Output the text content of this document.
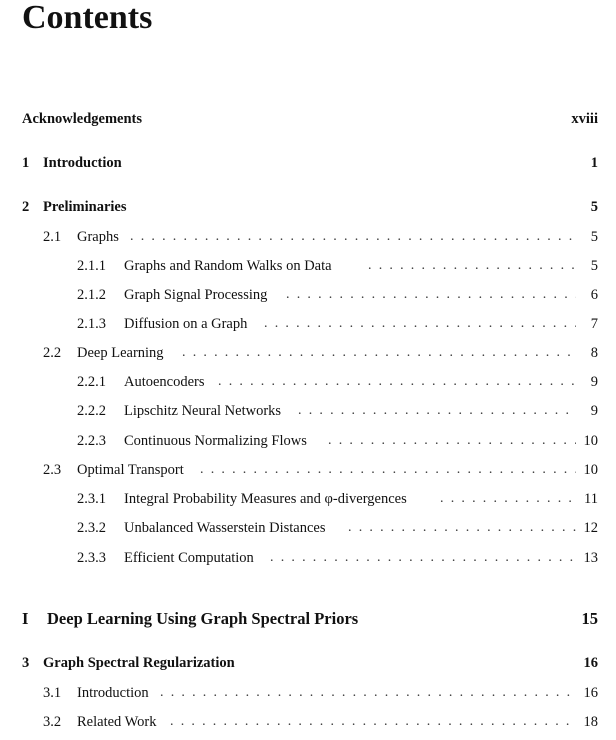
Contents
Acknowledgements	xviii
1 Introduction	1
2 Preliminaries	5
2.1 Graphs . . .	5
2.1.1 Graphs and Random Walks on Data . . .	5
2.1.2 Graph Signal Processing . . .	6
2.1.3 Diffusion on a Graph . . .	7
2.2 Deep Learning . . .	8
2.2.1 Autoencoders . . .	9
2.2.2 Lipschitz Neural Networks . . .	9
2.2.3 Continuous Normalizing Flows . . .	10
2.3 Optimal Transport . . .	10
2.3.1 Integral Probability Measures and φ-divergences . . .	11
2.3.2 Unbalanced Wasserstein Distances . . .	12
2.3.3 Efficient Computation . . .	13
I Deep Learning Using Graph Spectral Priors	15
3 Graph Spectral Regularization	16
3.1 Introduction . . .	16
3.2 Related Work . . .	18
